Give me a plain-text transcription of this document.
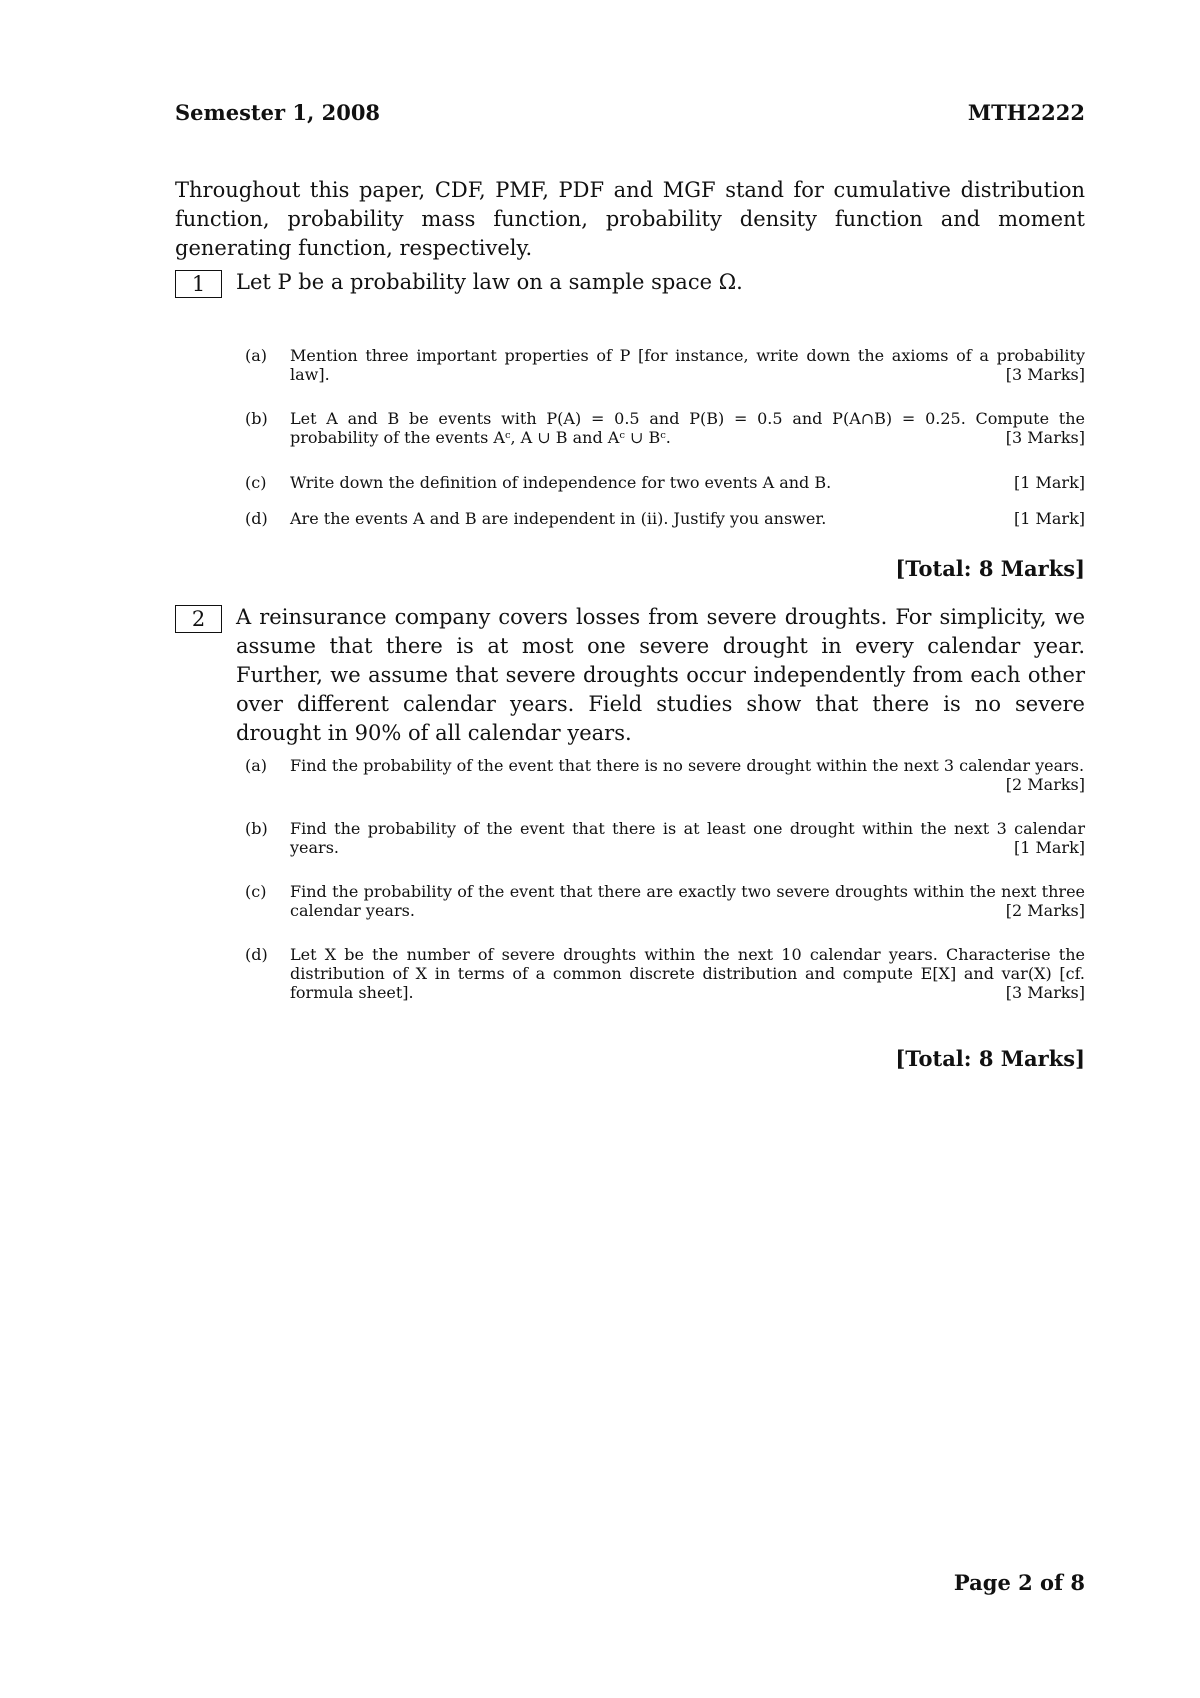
Semester 1, 2008	MTH2222
Throughout this paper, CDF, PMF, PDF and MGF stand for cumulative distribution function, probability mass function, probability density function and moment generating function, respectively.
1	Let P be a probability law on a sample space Ω.
(a)	Mention three important properties of P [for instance, write down the axioms of a probability law].	[3 Marks]
(b)	Let A and B be events with P(A) = 0.5 and P(B) = 0.5 and P(A∩B) = 0.25. Compute the probability of the events Aᶜ, A ∪ B and Aᶜ ∪ Bᶜ.	[3 Marks]
(c)	Write down the definition of independence for two events A and B.	[1 Mark]
(d)	Are the events A and B are independent in (ii). Justify you answer.	[1 Mark]
[Total: 8 Marks]
2	A reinsurance company covers losses from severe droughts. For simplicity, we assume that there is at most one severe drought in every calendar year. Further, we assume that severe droughts occur independently from each other over different calendar years. Field studies show that there is no severe drought in 90% of all calendar years.
(a)	Find the probability of the event that there is no severe drought within the next 3 calendar years.
[2 Marks]
(b)	Find the probability of the event that there is at least one drought within the next 3 calendar years.	[1 Mark]
(c)	Find the probability of the event that there are exactly two severe droughts within the next three calendar years.	[2 Marks]
(d)	Let X be the number of severe droughts within the next 10 calendar years. Characterise the distribution of X in terms of a common discrete distribution and compute E[X] and var(X) [cf. formula sheet].	[3 Marks]
[Total: 8 Marks]
Page 2 of 8
